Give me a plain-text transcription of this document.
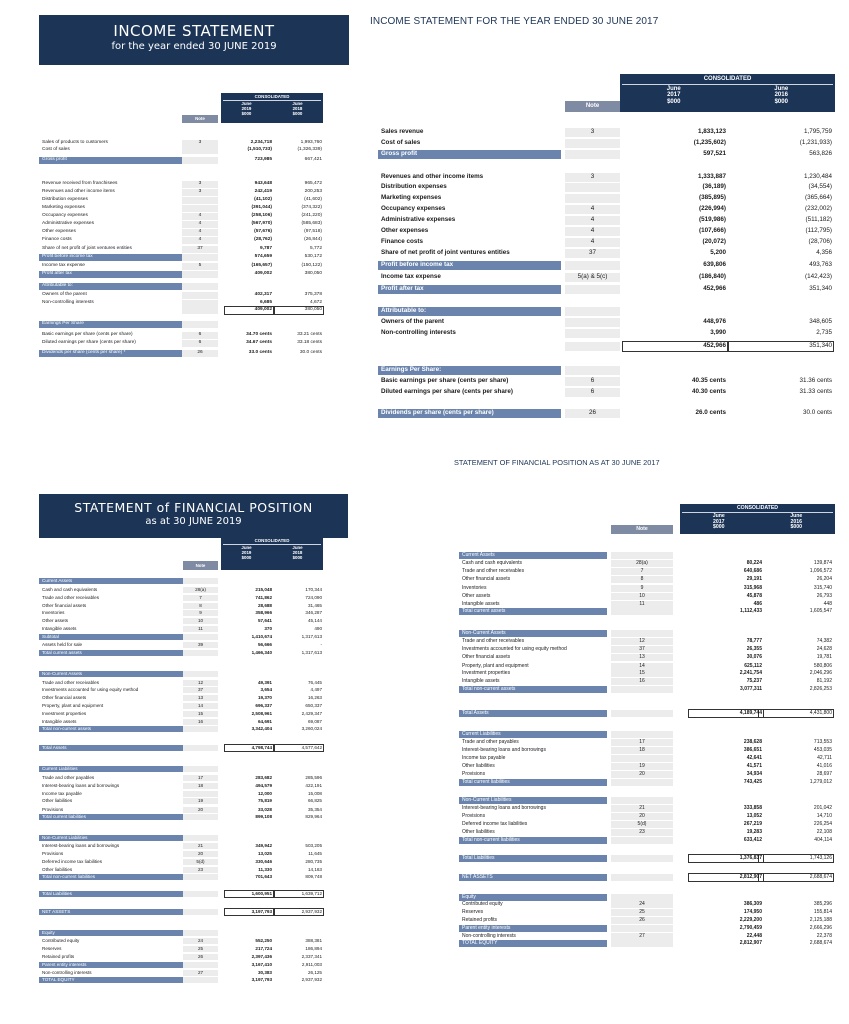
INCOME STATEMENT
for the year ended 30 JUNE 2019
CONSOLIDATED
June
2019
$000
June
2018
$000
Note
Sales of products to customers	3	2,234,718	1,993,760
Cost of sales	(1,510,733)	(1,326,339)
Gross profit	723,985	667,421
Revenue received from franchisees	3	943,648	965,472
Revenues and other income items	3	242,419	200,253
Distribution expenses	(41,102)	(41,602)
Marketing expenses	(391,044)	(374,322)
Occupancy expenses	4	(258,106)	(241,220)
Administrative expenses	4	(567,970)	(585,683)
Other expenses	4	(57,676)	(97,518)
Finance costs	4	(28,762)	(26,844)
Share of net profit of joint ventures entities	37	9,787	5,772
Profit before income tax	574,659	530,172
Income tax expense	5	(165,657)	(150,122)
Profit after tax	409,002	380,050
Attributable to:
Owners of the parent	402,317	375,378
Non-controlling interests	6,685	4,672
409,002	380,050
Earnings Per Share
Basic earnings per share (cents per share)	6	34.70 cents	33.21 cents
Diluted earnings per share (cents per share)	6	34.67 cents	33.18 cents
Dividends per share (cents per share) *	26	33.0 cents	30.0 cents
INCOME STATEMENT FOR THE YEAR ENDED 30 JUNE 2017
CONSOLIDATED
June
2017
$000
June
2016
$000
Note
Sales revenue	3	1,833,123	1,795,759
Cost of sales	(1,235,602)	(1,231,933)
Gross profit	597,521	563,826
Revenues and other income items	3	1,333,887	1,230,484
Distribution expenses	(36,189)	(34,554)
Marketing expenses	(385,895)	(365,664)
Occupancy expenses	4	(226,994)	(232,002)
Administrative expenses	4	(519,986)	(511,182)
Other expenses	4	(107,666)	(112,795)
Finance costs	4	(20,072)	(28,706)
Share of net profit of joint ventures entities	37	5,200	4,356
Profit before income tax	639,806	493,763
Income tax expense	5(a) & 5(c)	(186,840)	(142,423)
Profit after tax	452,966	351,340
Attributable to:
Owners of the parent	448,976	348,605
Non-controlling interests	3,990	2,735
452,966	351,340
Earnings Per Share:
Basic earnings per share (cents per share)	6	40.35 cents	31.36 cents
Diluted earnings per share (cents per share)	6	40.30 cents	31.33 cents
Dividends per share (cents per share)	26	26.0 cents	30.0 cents
STATEMENT of FINANCIAL POSITION
as at 30 JUNE 2019
CONSOLIDATED
June
2019
$000
June
2018
$000
Note
Current Assets
Cash and cash equivalents	28(a)	215,048	170,344
Trade and other receivables	7	741,862	724,090
Other financial assets	8	28,688	31,465
Inventories	9	358,966	346,287
Other assets	10	57,641	45,144
Intangible assets	11	370	490
Subtotal	1,410,674	1,317,613
Assets held for sale	39	56,666	-
Total current assets	1,466,340	1,317,613
Non-Current Assets
Trade and other receivables	12	49,391	76,445
Investments accounted for using equity method	37	3,654	4,497
Other financial assets	13	19,370	16,263
Property, plant and equipment	14	696,337	650,337
Investment properties	15	2,508,961	2,429,347
Intangible assets	16	64,691	69,087
Total non-current assets	3,342,404	3,260,024
Total Assets	4,798,744	4,577,642
Current Liabilities
Trade and other payables	17	283,682	285,596
Interest-bearing loans and borrowings	18	494,579	422,191
Income tax payable	12,000	15,008
Other liabilities	19	75,819	66,825
Provisions	20	33,028	35,354
Total current liabilities	899,108	829,964
Non-Current Liabilities
Interest-bearing loans and borrowings	21	349,942	503,205
Provisions	20	13,025	11,645
Deferred income tax liabilities	5(d)	330,646	280,735
Other liabilities	23	11,330	14,163
Total non-current liabilities	701,643	809,748
Total Liabilities	1,600,951	1,639,712
NET ASSETS	3,197,793	2,937,932
Equity
Contributed equity	24	552,250	388,381
Reserves	25	217,724	186,894
Retained profits	26	2,397,436	2,337,341
Parent entity interests	3,167,410	2,911,003
Non-controlling interests	27	30,383	26,125
TOTAL EQUITY	3,197,793	2,937,932
STATEMENT OF FINANCIAL POSITION AS AT 30 JUNE 2017
CONSOLIDATED
June
2017
$000
June
2016
$000
Note
Current Assets
Cash and cash equivalents	28(a)	80,224	139,874
Trade and other receivables	7	640,686	1,096,572
Other financial assets	8	29,191	26,204
Inventories	9	315,968	315,740
Other assets	10	45,878	26,793
Intangible assets	11	486	448
Total current assets	1,112,433	1,605,547
Non-Current Assets
Trade and other receivables	12	78,777	74,382
Investments accounted for using equity method	37	26,355	24,628
Other financial assets	13	30,076	19,781
Property, plant and equipment	14	625,112	580,806
Investment properties	15	2,241,754	2,046,296
Intangible assets	16	75,237	81,192
Total non-current assets	3,077,311	2,826,253
Total Assets	4,189,744	4,431,800
Current Liabilities
Trade and other payables	17	238,628	713,553
Interest-bearing loans and borrowings	18	386,651	453,035
Income tax payable	42,641	42,711
Other liabilities	19	41,571	41,016
Provisions	20	34,934	28,697
Total current liabilities	743,425	1,279,012
Non-Current Liabilities
Interest-bearing loans and borrowings	21	333,858	201,042
Provisions	20	13,052	14,710
Deferred income tax liabilities	5(d)	267,219	226,254
Other liabilities	23	19,283	22,108
Total non-current liabilities	633,412	404,114
Total Liabilities	1,376,837	1,743,126
NET ASSETS	2,812,907	2,688,674
Equity
Contributed equity	24	386,309	385,296
Reserves	25	174,950	155,814
Retained profits	26	2,229,200	2,125,188
Parent entity interests	2,790,459	2,666,296
Non-controlling interests	27	22,448	22,378
TOTAL EQUITY	2,812,907	2,688,674
